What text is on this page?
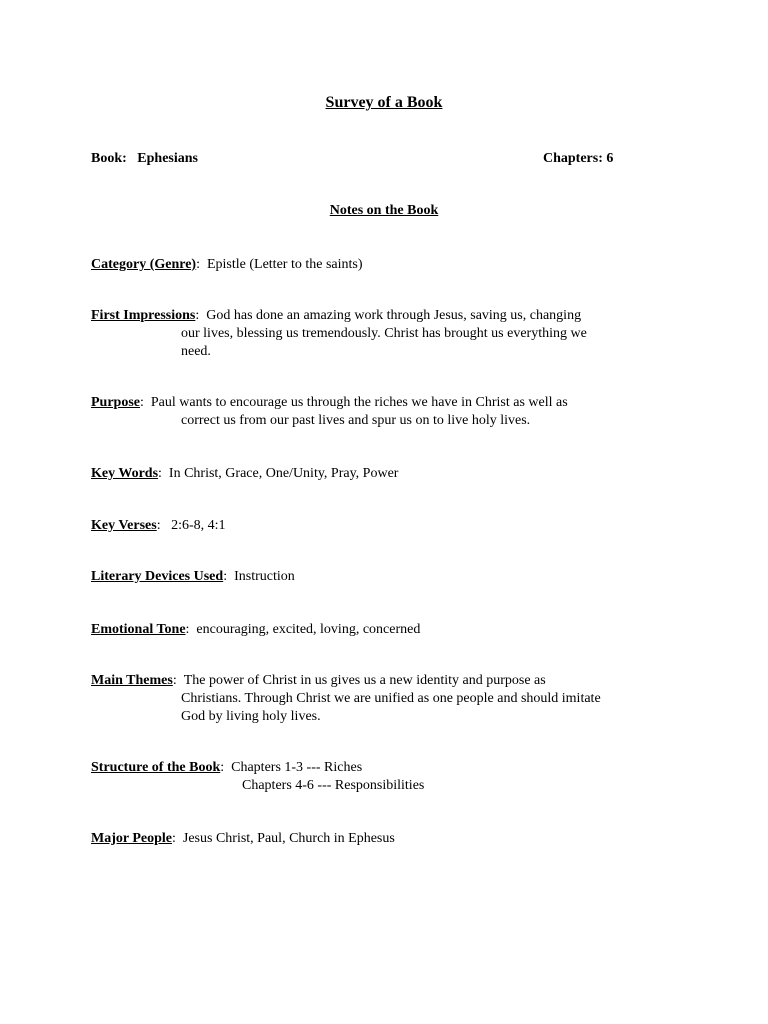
Survey of a Book
Book: Ephesians	Chapters: 6
Notes on the Book
Category (Genre):  Epistle (Letter to the saints)
First Impressions:  God has done an amazing work through Jesus, saving us, changing
our lives, blessing us tremendously. Christ has brought us everything we
need.
Purpose:  Paul wants to encourage us through the riches we have in Christ as well as
correct us from our past lives and spur us on to live holy lives.
Key Words:  In Christ, Grace, One/Unity, Pray, Power
Key Verses:   2:6-8, 4:1
Literary Devices Used:  Instruction
Emotional Tone:  encouraging, excited, loving, concerned
Main Themes:  The power of Christ in us gives us a new identity and purpose as
Christians. Through Christ we are unified as one people and should imitate
God by living holy lives.
Structure of the Book:  Chapters 1-3 --- Riches
Chapters 4-6 --- Responsibilities
Major People:  Jesus Christ, Paul, Church in Ephesus
